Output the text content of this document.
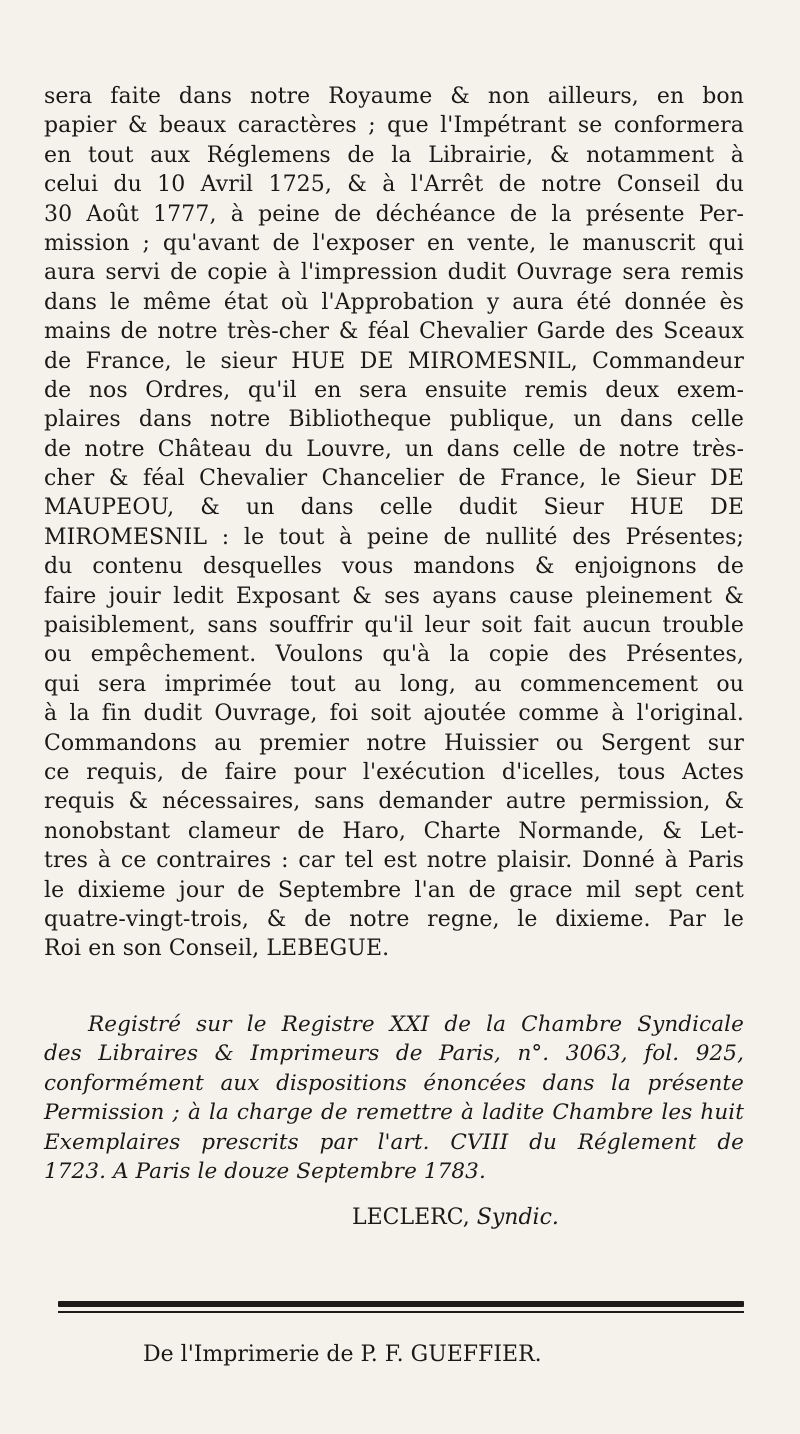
sera faite dans notre Royaume & non ailleurs, en bon
papier & beaux caractères ; que l'Impétrant se conformera
en tout aux Réglemens de la Librairie, & notamment à
celui du 10 Avril 1725, & à l'Arrêt de notre Conseil du
30 Août 1777, à peine de déchéance de la présente Per-
mission ; qu'avant de l'exposer en vente, le manuscrit qui
aura servi de copie à l'impression dudit Ouvrage sera remis
dans le même état où l'Approbation y aura été donnée ès
mains de notre très-cher & féal Chevalier Garde des Sceaux
de France, le sieur HUE DE MIROMESNIL, Commandeur
de nos Ordres, qu'il en sera ensuite remis deux exem-
plaires dans notre Bibliotheque publique, un dans celle
de notre Château du Louvre, un dans celle de notre très-
cher & féal Chevalier Chancelier de France, le Sieur DE
MAUPEOU, & un dans celle dudit Sieur HUE DE
MIROMESNIL : le tout à peine de nullité des Présentes;
du contenu desquelles vous mandons & enjoignons de
faire jouir ledit Exposant & ses ayans cause pleinement &
paisiblement, sans souffrir qu'il leur soit fait aucun trouble
ou empêchement. Voulons qu'à la copie des Présentes,
qui sera imprimée tout au long, au commencement ou
à la fin dudit Ouvrage, foi soit ajoutée comme à l'original.
Commandons au premier notre Huissier ou Sergent sur
ce requis, de faire pour l'exécution d'icelles, tous Actes
requis & nécessaires, sans demander autre permission, &
nonobstant clameur de Haro, Charte Normande, & Let-
tres à ce contraires : car tel est notre plaisir. Donné à Paris
le dixieme jour de Septembre l'an de grace mil sept cent
quatre-vingt-trois, & de notre regne, le dixieme. Par le
Roi en son Conseil, LEBEGUE.
Registré sur le Registre XXI de la Chambre Syndicale
des Libraires & Imprimeurs de Paris, n°. 3063, fol. 925,
conformément aux dispositions énoncées dans la présente
Permission ; à la charge de remettre à ladite Chambre les huit
Exemplaires prescrits par l'art. CVIII du Réglement de
1723. A Paris le douze Septembre 1783.
LECLERC, Syndic.
De l'Imprimerie de P. F. GUEFFIER.
